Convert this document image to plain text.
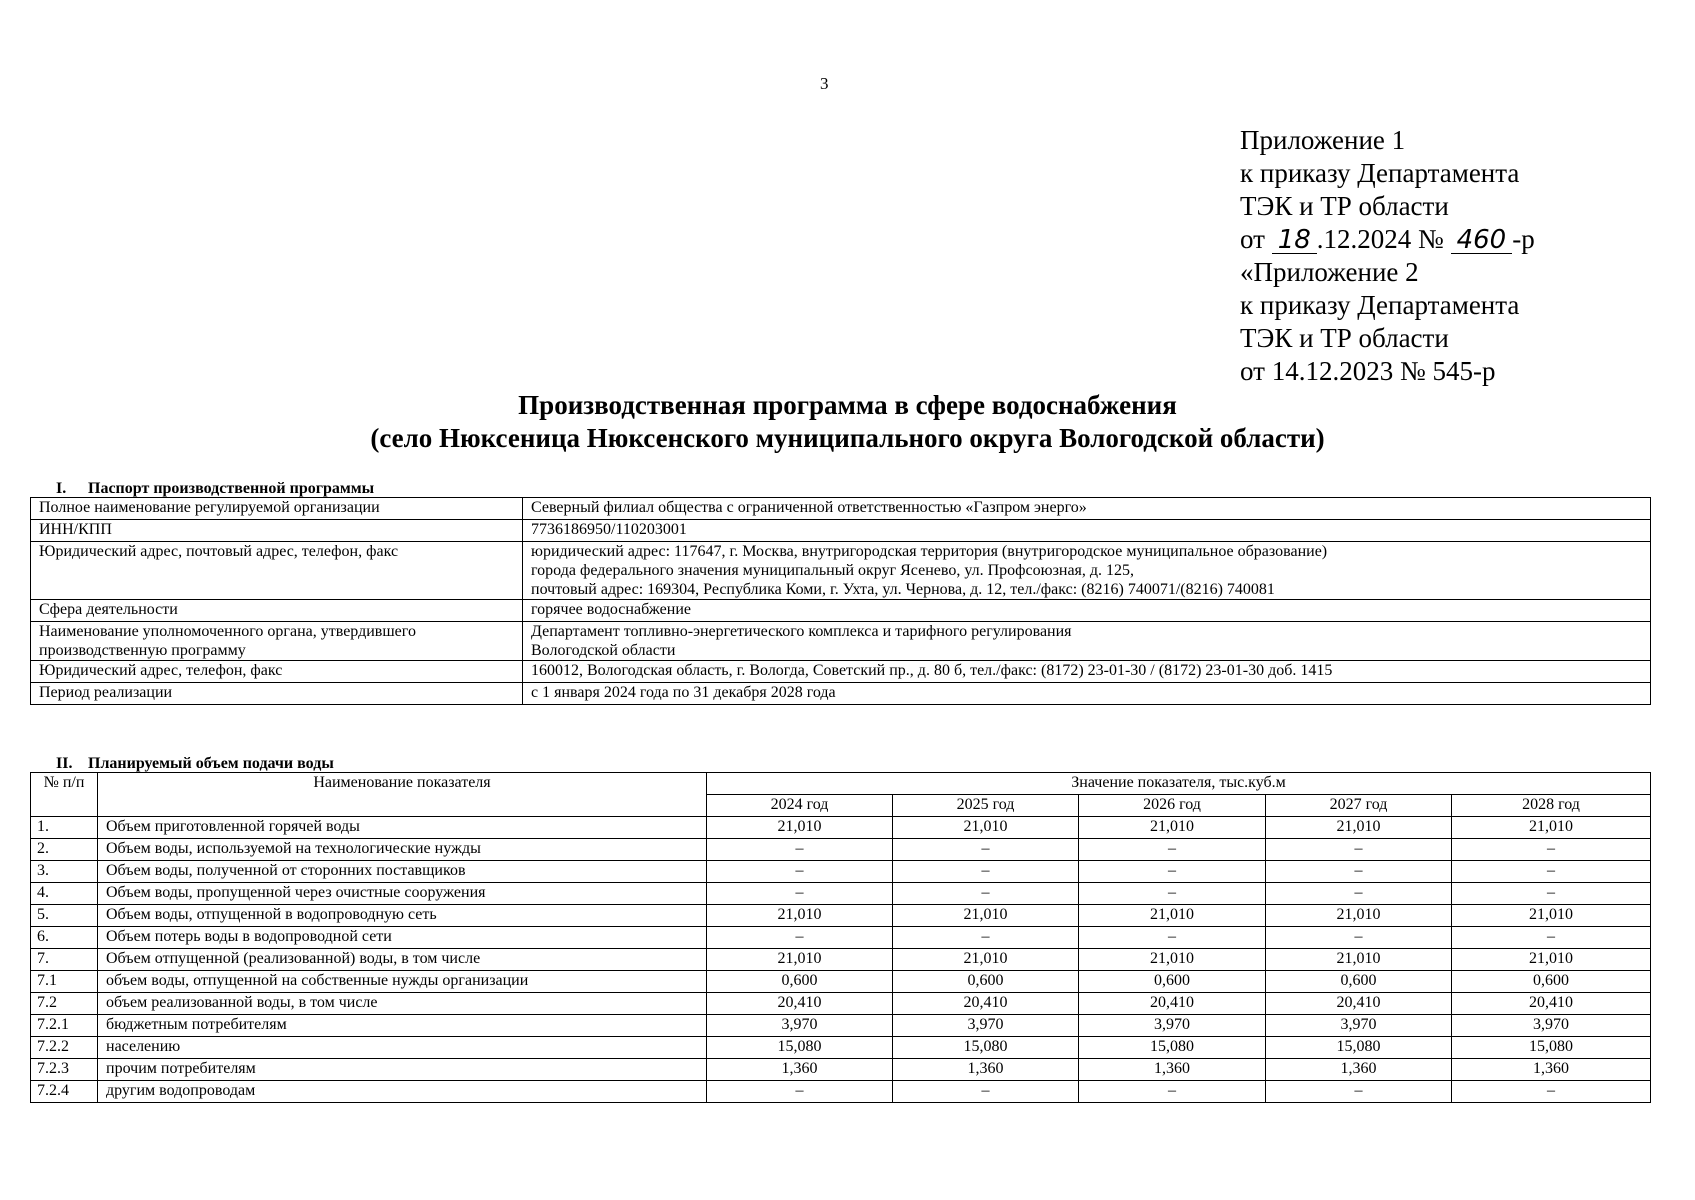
3
Приложение 1
к приказу Департамента
ТЭК и ТР области
от 18 .12.2024 № 460 -р
«Приложение 2
к приказу Департамента
ТЭК и ТР области
от 14.12.2023 № 545-р
Производственная программа в сфере водоснабжения
(село Нюксеница Нюксенского муниципального округа Вологодской области)
I. Паспорт производственной программы
Полное наименование регулируемой организации	Северный филиал общества с ограниченной ответственностью «Газпром энерго»

ИНН/КПП	7736186950/110203001

Юридический адрес, почтовый адрес, телефон, факс	юридический адрес: 117647, г. Москва, внутригородская территория (внутригородское муниципальное образование)
города федерального значения муниципальный округ Ясенево, ул. Профсоюзная, д. 125,
почтовый адрес: 169304, Республика Коми, г. Ухта, ул. Чернова, д. 12, тел./факс: (8216) 740071/(8216) 740081

Сфера деятельности	горячее водоснабжение

Наименование уполномоченного органа, утвердившего производственную программу	Департамент топливно-энергетического комплекса и тарифного регулирования
Вологодской области

Юридический адрес, телефон, факс	160012, Вологодская область, г. Вологда, Советский пр., д. 80 б, тел./факс: (8172) 23-01-30 / (8172) 23-01-30 доб. 1415

Период реализации	с 1 января 2024 года по 31 декабря 2028 года
II. Планируемый объем подачи воды
№ п/п	Наименование показателя	Значение показателя, тыс.куб.м				
		2024 год	2025 год	2026 год	2027 год	2028 год
1.	Объем приготовленной горячей воды	21,010	21,010	21,010	21,010	21,010
2.	Объем воды, используемой на технологические нужды	–	–	–	–	–
3.	Объем воды, полученной от сторонних поставщиков	–	–	–	–	–
4.	Объем воды, пропущенной через очистные сооружения	–	–	–	–	–
5.	Объем воды, отпущенной в водопроводную сеть	21,010	21,010	21,010	21,010	21,010
6.	Объем потерь воды в водопроводной сети	–	–	–	–	–
7.	Объем отпущенной (реализованной) воды, в том числе	21,010	21,010	21,010	21,010	21,010
7.1	объем воды, отпущенной на собственные нужды организации	0,600	0,600	0,600	0,600	0,600
7.2	объем реализованной воды, в том числе	20,410	20,410	20,410	20,410	20,410
7.2.1	бюджетным потребителям	3,970	3,970	3,970	3,970	3,970
7.2.2	населению	15,080	15,080	15,080	15,080	15,080
7.2.3	прочим потребителям	1,360	1,360	1,360	1,360	1,360
7.2.4	другим водопроводам	–	–	–	–	–
